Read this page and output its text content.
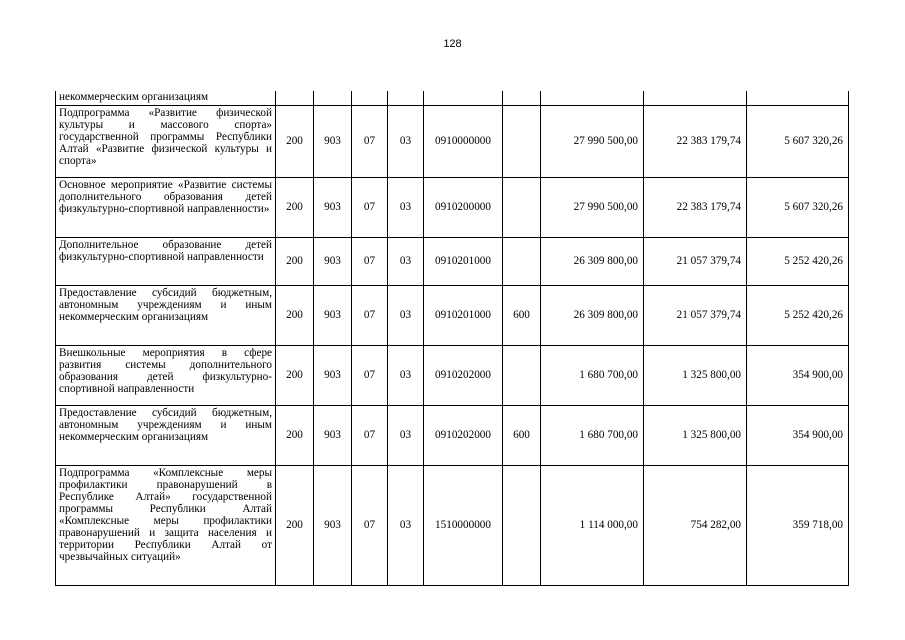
128
некоммерческим организациям									
Подпрограмма «Развитие физической культуры и массового спорта» государственной программы Республики Алтай «Развитие физической культуры и спорта»	200	903	07	03	0910000000		27 990 500,00	22 383 179,74	5 607 320,26
Основное мероприятие «Развитие системы дополнительного образования детей физкультурно-спортивной направленности»	200	903	07	03	0910200000		27 990 500,00	22 383 179,74	5 607 320,26
Дополнительное образование детей физкультурно-спортивной направленности	200	903	07	03	0910201000		26 309 800,00	21 057 379,74	5 252 420,26
Предоставление субсидий бюджетным, автономным учреждениям и иным некоммерческим организациям	200	903	07	03	0910201000	600	26 309 800,00	21 057 379,74	5 252 420,26
Внешкольные мероприятия в сфере развития системы дополнительного образования детей физкультурно-спортивной направленности	200	903	07	03	0910202000		1 680 700,00	1 325 800,00	354 900,00
Предоставление субсидий бюджетным, автономным учреждениям и иным некоммерческим организациям	200	903	07	03	0910202000	600	1 680 700,00	1 325 800,00	354 900,00
Подпрограмма «Комплексные меры профилактики правонарушений в Республике Алтай» государственной программы Республики Алтай «Комплексные меры профилактики правонарушений и защита населения и территории Республики Алтай от чрезвычайных ситуаций»	200	903	07	03	1510000000		1 114 000,00	754 282,00	359 718,00
